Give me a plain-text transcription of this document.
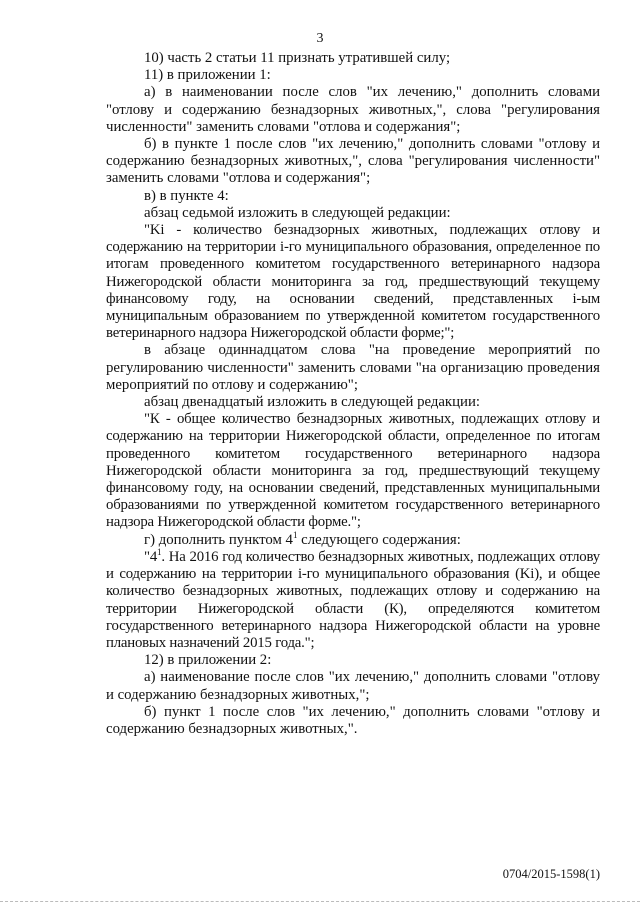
3

10) часть 2 статьи 11 признать утратившей силу;

11) в приложении 1:

а) в наименовании после слов "их лечению," дополнить словами "отлову и содержанию безнадзорных животных,", слова "регулирования численности" заменить словами "отлова и содержания";

б) в пункте 1 после слов "их лечению," дополнить словами "отлову и содержанию безнадзорных животных,", слова "регулирования численности" заменить словами "отлова и содержания";

в) в пункте 4:

абзац седьмой изложить в следующей редакции:

"Ki - количество безнадзорных животных, подлежащих отлову и содержанию на территории i-го муниципального образования, определенное по итогам проведенного комитетом государственного ветеринарного надзора Нижегородской области мониторинга за год, предшествующий текущему финансовому году, на основании сведений, представленных i-ым муниципальным образованием по утвержденной комитетом государственного ветеринарного надзора Нижегородской области форме;";

в абзаце одиннадцатом слова "на проведение мероприятий по регулированию численности" заменить словами "на организацию проведения мероприятий по отлову и содержанию";

абзац двенадцатый изложить в следующей редакции:

"К - общее количество безнадзорных животных, подлежащих отлову и содержанию на территории Нижегородской области, определенное по итогам проведенного комитетом государственного ветеринарного надзора Нижегородской области мониторинга за год, предшествующий текущему финансовому году, на основании сведений, представленных муниципальными образованиями по утвержденной комитетом государственного ветеринарного надзора Нижегородской области форме.";

г) дополнить пунктом $4^1$ следующего содержания:

"$4^1$. На 2016 год количество безнадзорных животных, подлежащих отлову и содержанию на территории i-го муниципального образования (Ki), и общее количество безнадзорных животных, подлежащих отлову и содержанию на территории Нижегородской области (К), определяются комитетом государственного ветеринарного надзора Нижегородской области на уровне плановых назначений 2015 года.";

12) в приложении 2:

а) наименование после слов "их лечению," дополнить словами "отлову и содержанию безнадзорных животных,";

б) пункт 1 после слов "их лечению," дополнить словами "отлову и содержанию безнадзорных животных,".

0704/2015-1598(1)
